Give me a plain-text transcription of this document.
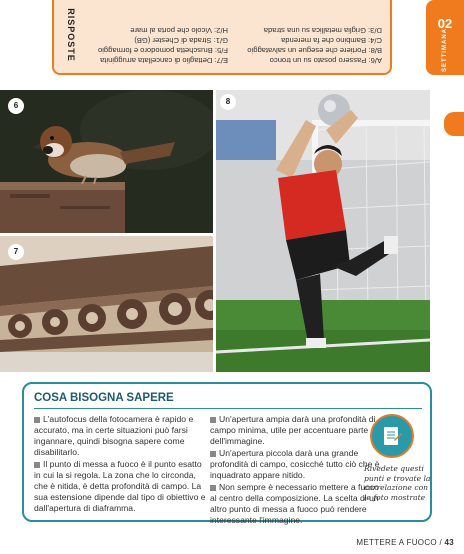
RISPOSTE	A/6: Passero posato su un tronco
B/8: Portiere che esegue un salvataggio
C/4: Bambino che fa merenda
D/3: Griglia metallica su una strada
E/7: Dettaglio di cancellata arrugginita
F/5: Bruschetta pomodoro e formaggio
G/1: Strada di Chester (GB)
H/2: Vicolo che porta al mare	02
SETTIMANA
6
7
8
COSA BISOGNA SAPERE

L'autofocus della fotocamera è rapido e accurato, ma in certe situazioni può farsi ingannare, quindi bisogna sapere come disabilitarlo.

Il punto di messa a fuoco è il punto esatto in cui la si regola. La zona che lo circonda, che è nitida, è detta profondità di campo. La sua estensione dipende dal tipo di obiettivo e dall'apertura di diaframma.

Un'apertura ampia darà una profondità di campo minima, utile per accentuare parte dell'immagine.

Un'apertura piccola darà una grande profondità di campo, cosicché tutto ciò che è inquadrato appare nitido.

Non sempre è necessario mettere a fuoco al centro della composizione. La scelta di un altro punto di messa a fuoco può rendere interessante l'immagine.

Rivedete questi punti e trovate la correlazione con le foto mostrate
METTERE A FUOCO / 43
